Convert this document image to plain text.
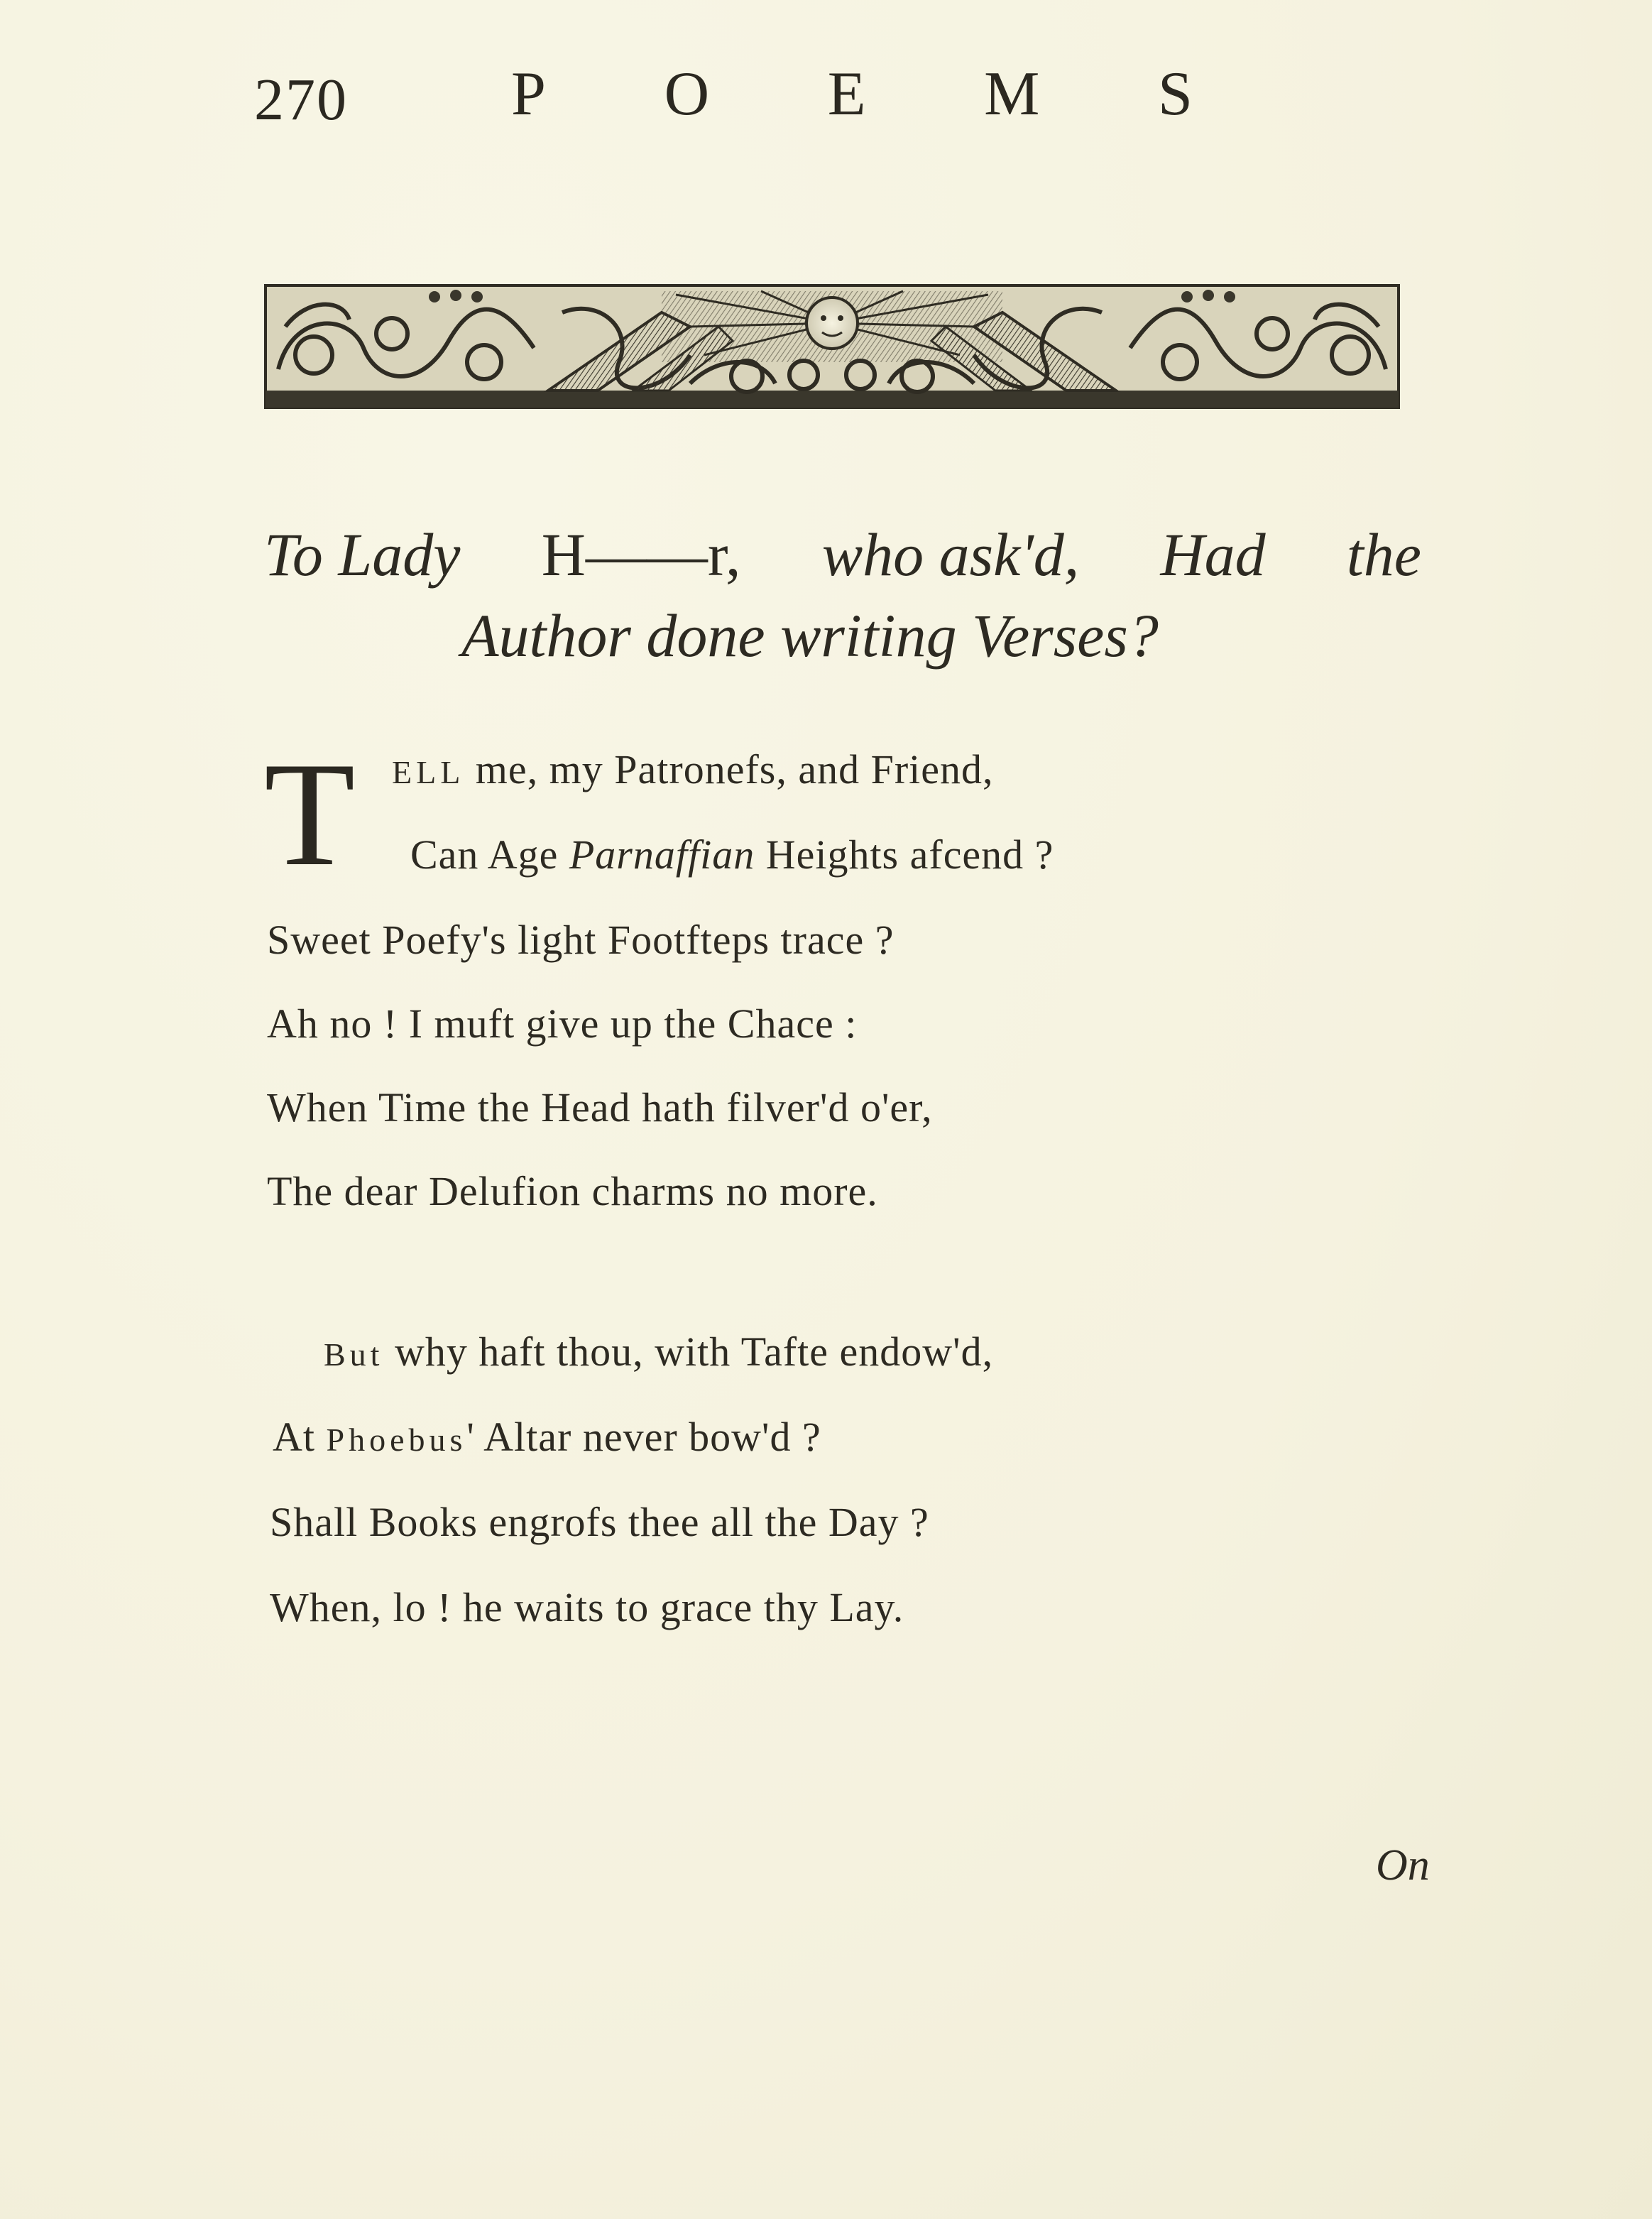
270	P O E M S
To Lady H——r, who ask'd, Had the
Author done writing Verses?
T ELL me, my Patronefs, and Friend,
Can Age Parnaffian Heights afcend ?
Sweet Poefy's light Footfteps trace ?
Ah no ! I muft give up the Chace :
When Time the Head hath filver'd o'er,
The dear Delufion charms no more.
But why haft thou, with Tafte endow'd,
At Phoebus' Altar never bow'd ?
Shall Books engrofs thee all the Day ?
When, lo ! he waits to grace thy Lay.
On
